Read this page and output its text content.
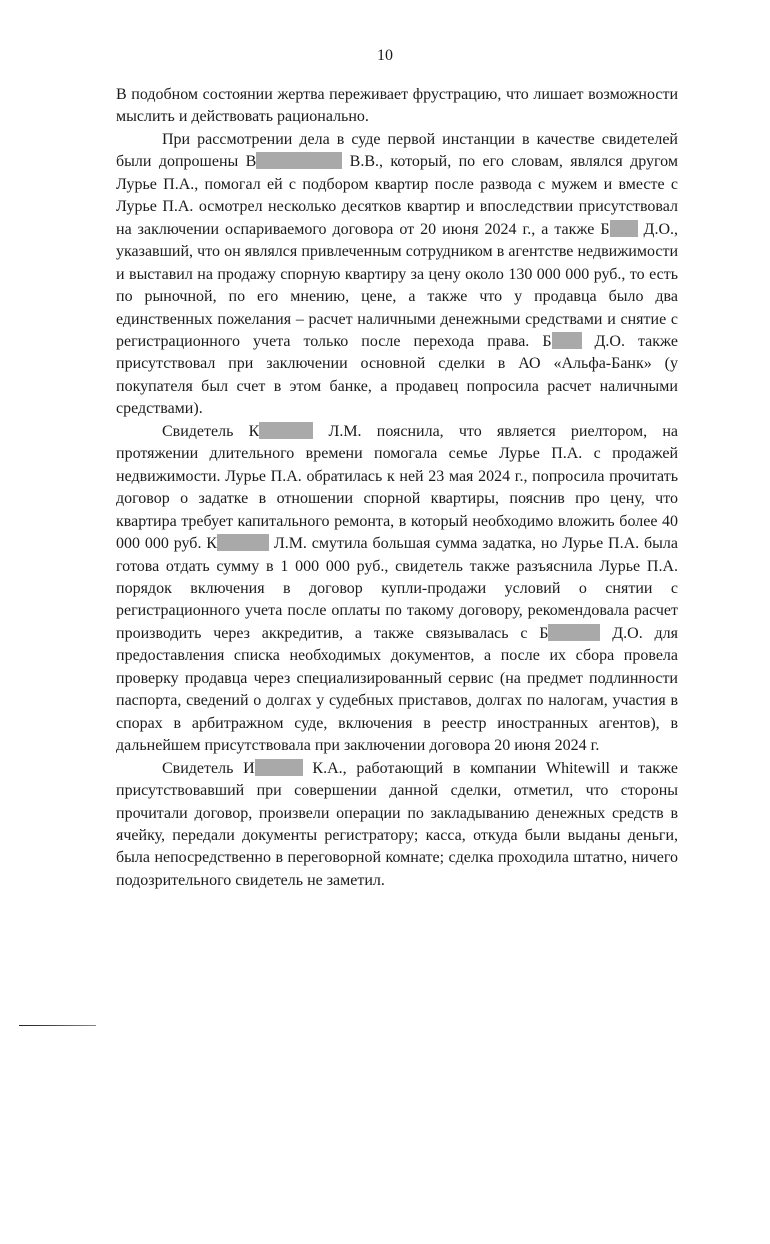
10

В подобном состоянии жертва переживает фрустрацию, что лишает возможности мыслить и действовать рационально.

При рассмотрении дела в суде первой инстанции в качестве свидетелей были допрошены В	В.В., который, по его словам, являлся другом Лурье П.А., помогал ей с подбором квартир после развода с мужем и вместе с Лурье П.А. осмотрел несколько десятков квартир и впоследствии присутствовал на заключении оспариваемого договора от 20 июня 2024 г., а также Б Д.О., указавший, что он являлся привлеченным сотрудником в агентстве недвижимости и выставил на продажу спорную квартиру за цену около 130 000 000 руб., то есть по рыночной, по его мнению, цене, а также что у продавца было два единственных пожелания – расчет наличными денежными средствами и снятие с регистрационного учета только после перехода права. Б Д.О. также присутствовал при заключении основной сделки в АО «Альфа-Банк» (у покупателя был счет в этом банке, а продавец попросила расчет наличными средствами).

Свидетель К	Л.М. пояснила, что является риелтором, на протяжении длительного времени помогала семье Лурье П.А. с продажей недвижимости. Лурье П.А. обратилась к ней 23 мая 2024 г., попросила прочитать договор о задатке в отношении спорной квартиры, пояснив про цену, что квартира требует капитального ремонта, в который необходимо вложить более 40 000 000 руб. К	Л.М. смутила большая сумма задатка, но Лурье П.А. была готова отдать сумму в 1 000 000 руб., свидетель также разъяснила Лурье П.А. порядок включения в договор купли-продажи условий о снятии с регистрационного учета после оплаты по такому договору, рекомендовала расчет производить через аккредитив, а также связывалась с Б	Д.О. для предоставления списка необходимых документов, а после их сбора провела проверку продавца через специализированный сервис (на предмет подлинности паспорта, сведений о долгах у судебных приставов, долгах по налогам, участия в спорах в арбитражном суде, включения в реестр иностранных агентов), в дальнейшем присутствовала при заключении договора 20 июня 2024 г.

Свидетель И	К.А., работающий в компании Whitewill и также присутствовавший при совершении данной сделки, отметил, что стороны прочитали договор, произвели операции по закладыванию денежных средств в ячейку, передали документы регистратору; касса, откуда были выданы деньги, была непосредственно в переговорной комнате; сделка проходила штатно, ничего подозрительного свидетель не заметил.
